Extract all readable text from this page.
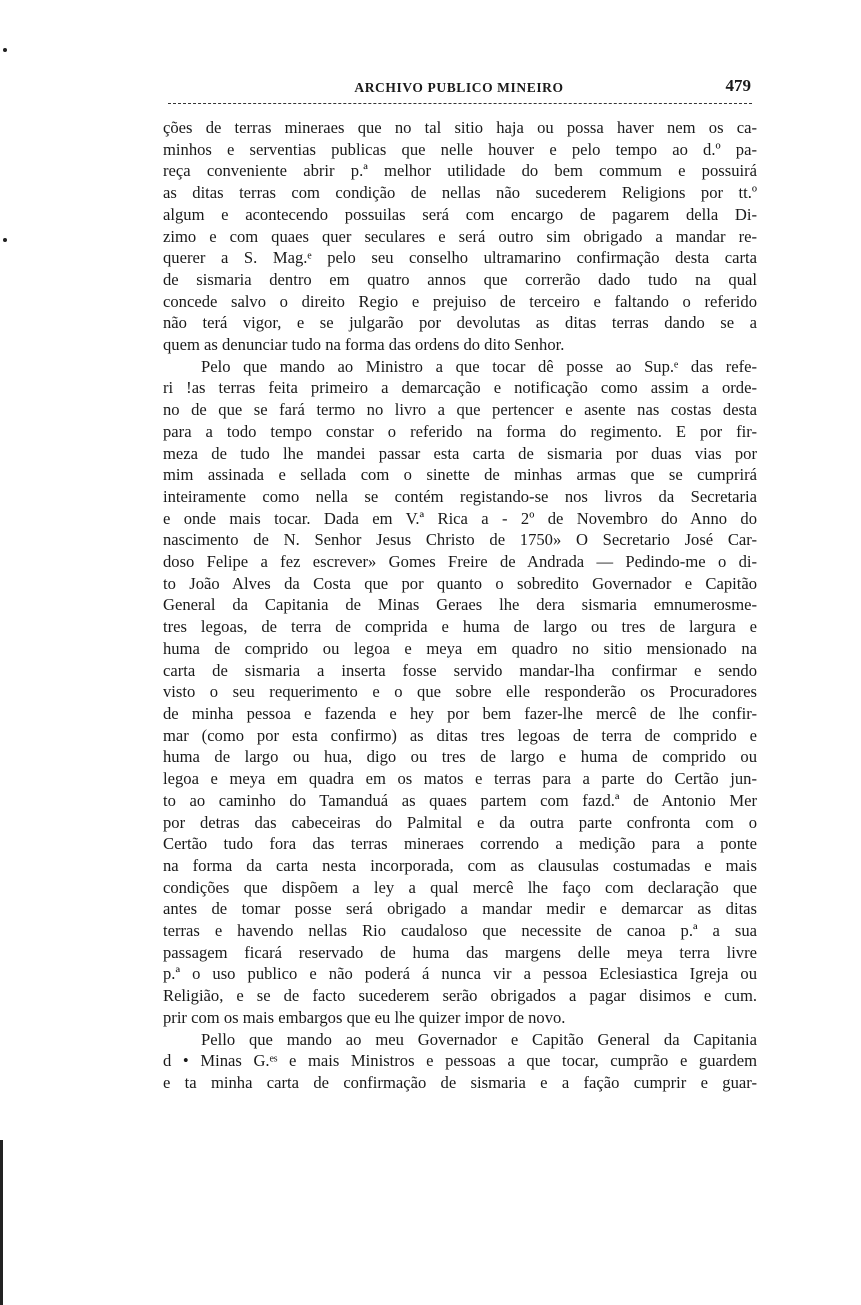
ARCHIVO PUBLICO MINEIRO	479
ções de terras mineraes que no tal sitio haja ou possa haver nem os ca-
minhos e serventias publicas que nelle houver e pelo tempo ao d.º pa-
reça conveniente abrir p.ª melhor utilidade do bem commum e possuirá
as ditas terras com condição de nellas não sucederem Religions por tt.º
algum e acontecendo possuilas será com encargo de pagarem della Di-
zimo e com quaes quer seculares e será outro sim obrigado a mandar re-
querer a S. Mag.ᵉ pelo seu conselho ultramarino confirmação desta carta
de sismaria dentro em quatro annos que correrão dado tudo na qual
concede salvo o direito Regio e prejuiso de terceiro e faltando o referido
não terá vigor, e se julgarão por devolutas as ditas terras dando se a
quem as denunciar tudo na forma das ordens do dito Senhor.
Pelo que mando ao Ministro a que tocar dê posse ao Sup.ᵉ das refe-
ri !as terras feita primeiro a demarcação e notificação como assim a orde-
no de que se fará termo no livro a que pertencer e asente nas costas desta
para a todo tempo constar o referido na forma do regimento. E por fir-
meza de tudo lhe mandei passar esta carta de sismaria por duas vias por
mim assinada e sellada com o sinette de minhas armas que se cumprirá
inteiramente como nella se contém registando-se nos livros da Secretaria
e onde mais tocar. Dada em V.ª Rica a - 2º de Novembro do Anno do
nascimento de N. Senhor Jesus Christo de 1750» O Secretario José Car-
doso Felipe a fez escrever» Gomes Freire de Andrada — Pedindo-me o di-
to João Alves da Costa que por quanto o sobredito Governador e Capitão
General da Capitania de Minas Geraes lhe dera sismaria emnumerosme-
tres legoas, de terra de comprida e huma de largo ou tres de largura e
huma de comprido ou legoa e meya em quadro no sitio mensionado na
carta de sismaria a inserta fosse servido mandar-lha confirmar e sendo
visto o seu requerimento e o que sobre elle responderão os Procuradores
de minha pessoa e fazenda e hey por bem fazer-lhe mercê de lhe confir-
mar (como por esta confirmo) as ditas tres legoas de terra de comprido e
huma de largo ou hua, digo ou tres de largo e huma de comprido ou
legoa e meya em quadra em os matos e terras para a parte do Certão jun-
to ao caminho do Tamanduá as quaes partem com fazd.ª de Antonio Mer
por detras das cabeceiras do Palmital e da outra parte confronta com o
Certão tudo fora das terras mineraes correndo a medição para a ponte
na forma da carta nesta incorporada, com as clausulas costumadas e mais
condições que dispõem a ley a qual mercê lhe faço com declaração que
antes de tomar posse será obrigado a mandar medir e demarcar as ditas
terras e havendo nellas Rio caudaloso que necessite de canoa p.ª a sua
passagem ficará reservado de huma das margens delle meya terra livre
p.ª o uso publico e não poderá á nunca vir a pessoa Eclesiastica Igreja ou
Religião, e se de facto sucederem serão obrigados a pagar disimos e cum.
prir com os mais embargos que eu lhe quizer impor de novo.
Pello que mando ao meu Governador e Capitão General da Capitania
d • Minas G.ᵉˢ e mais Ministros e pessoas a que tocar, cumprão e guardem
e ta minha carta de confirmação de sismaria e a fação cumprir e guar-
